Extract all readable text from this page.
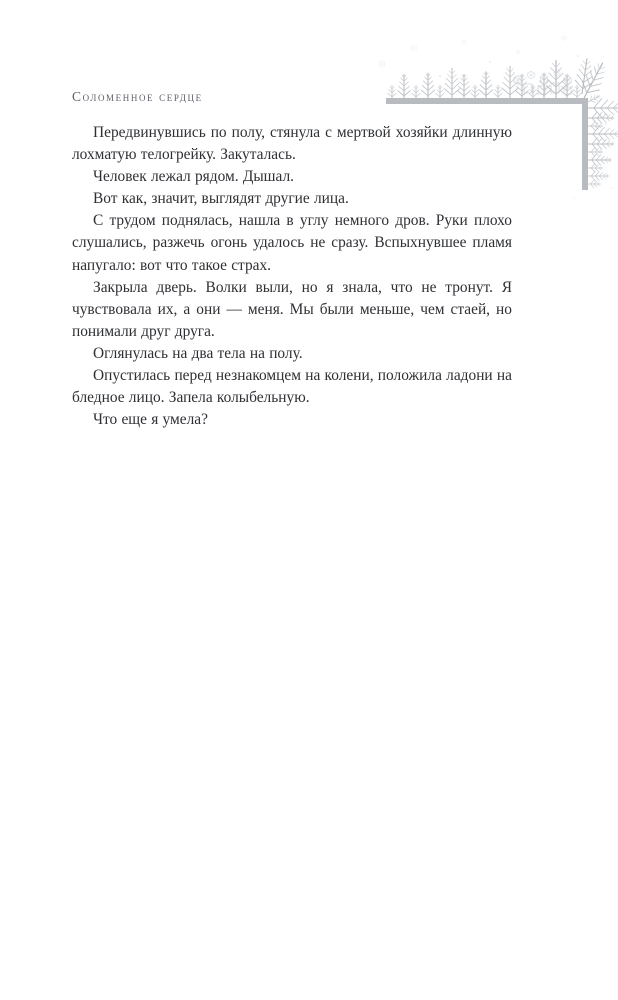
Соломенное сердце

Передвинувшись по полу, стянула с мертвой хозяйки длинную лохматую телогрейку. Закуталась.

Человек лежал рядом. Дышал.

Вот как, значит, выглядят другие лица.

С трудом поднялась, нашла в углу немного дров. Руки плохо слушались, разжечь огонь удалось не сразу. Вспыхнувшее пламя напугало: вот что такое страх.

Закрыла дверь. Волки выли, но я знала, что не тронут. Я чувствовала их, а они — меня. Мы были меньше, чем стаей, но понимали друг друга.

Оглянулась на два тела на полу.

Опустилась перед незнакомцем на колени, положила ладони на бледное лицо. Запела колыбельную.

Что еще я умела?
